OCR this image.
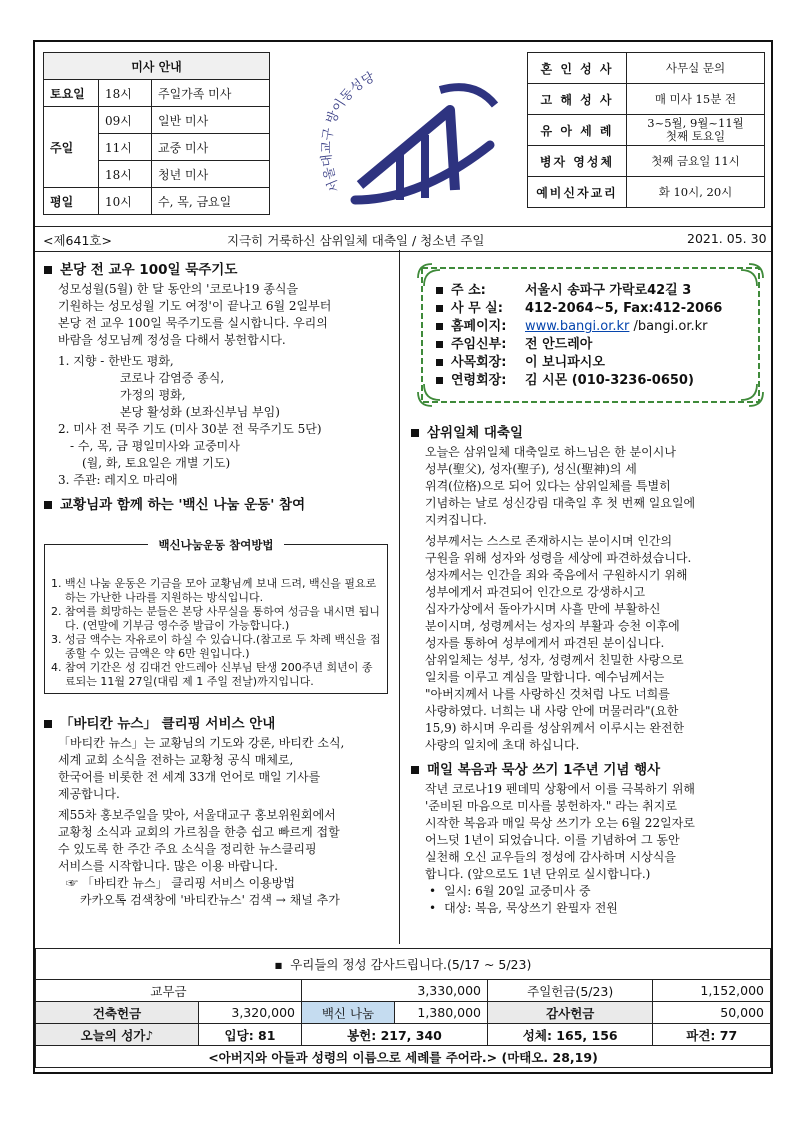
미사 안내		
토요일	18시	주일가족 미사
주일	09시	일반 미사
	11시	교중 미사
	18시	청년 미사
평일	10시	수, 목, 금요일
서울대교구 방이동성당
혼 인 성 사	사무실 문의
고 해 성 사	매 미사 15분 전
유 아 세 례	3~5월, 9월~11월
첫째 토요일

병자 영성체	첫째 금요일 11시
예비신자교리	화 10시, 20시
<제641호>	지극히 거룩하신 삼위일체 대축일 / 청소년 주일	2021. 05. 30

본당 전 교우 100일 묵주기도

성모성월(5월) 한 달 동안의 '코로나19 종식을
기원하는 성모성월 기도 여정'이 끝나고 6월 2일부터
본당 전 교우 100일 묵주기도를 실시합니다. 우리의
바람을 성모님께 정성을 다해서 봉헌합시다.
1. 지향 - 한반도 평화,
코로나 감염증 종식,
가정의 평화,
본당 활성화 (보좌신부님 부임)
2. 미사 전 묵주 기도 (미사 30분 전 묵주기도 5단)
- 수, 목, 금 평일미사와 교중미사
(월, 화, 토요일은 개별 기도)
3. 주관: 레지오 마리애

교황님과 함께 하는 '백신 나눔 운동' 참여

백신나눔운동 참여방법
1. 백신 나눔 운동은 기금을 모아 교황님께 보내 드려, 백신을 필요로 하는 가난한 나라를 지원하는 방식입니다.
2. 참여를 희망하는 분들은 본당 사무실을 통하여 성금을 내시면 됩니다. (연말에 기부금 영수증 발급이 가능합니다.)
3. 성금 액수는 자유로이 하실 수 있습니다.(참고로 두 차례 백신을 접종할 수 있는 금액은 약 6만 원입니다.)
4. 참여 기간은 성 김대건 안드레아 신부님 탄생 200주년 희년이 종료되는 11월 27일(대림 제 1 주일 전날)까지입니다.

「바티칸 뉴스」 클리핑 서비스 안내

「바티칸 뉴스」는 교황님의 기도와 강론, 바티칸 소식,
세계 교회 소식을 전하는 교황청 공식 매체로,
한국어를 비롯한 전 세계 33개 언어로 매일 기사를
제공합니다.
제55차 홍보주일을 맞아, 서울대교구 홍보위원회에서
교황청 소식과 교회의 가르침을 한층 쉽고 빠르게 접할
수 있도록 한 주간 주요 소식을 정리한 뉴스클리핑
서비스를 시작합니다. 많은 이용 바랍니다.
☞ 「바티칸 뉴스」 클리핑 서비스 이용방법
카카오톡 검색창에 '바티칸뉴스' 검색 → 채널 추가
주 소:	서울시 송파구 가락로42길 3
사 무 실: 412-2064~5, Fax:412-2066
홈페이지: www.bangi.or.kr /bangi.or.kr
주임신부: 전 안드레아
사목회장: 이 보니파시오
연령회장: 김 시몬 (010-3236-0650)

삼위일체 대축일

오늘은 삼위일체 대축일로 하느님은 한 분이시나
성부(聖父), 성자(聖子), 성신(聖神)의 세
위격(位格)으로 되어 있다는 삼위일체를 특별히
기념하는 날로 성신강림 대축일 후 첫 번째 일요일에
지켜집니다.
성부께서는 스스로 존재하시는 분이시며 인간의
구원을 위해 성자와 성령을 세상에 파견하셨습니다.
성자께서는 인간을 죄와 죽음에서 구원하시기 위해
성부에게서 파견되어 인간으로 강생하시고
십자가상에서 돌아가시며 사흘 만에 부활하신
분이시며, 성령께서는 성자의 부활과 승천 이후에
성자를 통하여 성부에게서 파견된 분이십니다.
삼위일체는 성부, 성자, 성령께서 친밀한 사랑으로
일치를 이루고 계심을 말합니다. 예수님께서는
"아버지께서 나를 사랑하신 것처럼 나도 너희를
사랑하였다. 너희는 내 사랑 안에 머물러라"(요한
15,9) 하시며 우리를 성삼위께서 이루시는 완전한
사랑의 일치에 초대 하십니다.

매일 복음과 묵상 쓰기 1주년 기념 행사

작년 코로나19 펜데믹 상황에서 이를 극복하기 위해
'준비된 마음으로 미사를 봉헌하자." 라는 취지로
시작한 복음과 매일 묵상 쓰기가 오는 6월 22일자로
어느덧 1년이 되었습니다. 이를 기념하여 그 동안
실천해 오신 교우들의 정성에 감사하며 시상식을
합니다. (앞으로도 1년 단위로 실시합니다.)
• 일시: 6월 20일 교중미사 중
• 대상: 복음, 묵상쓰기 완필자 전원
■ 우리들의 정성 감사드립니다.(5/17 ~ 5/23)					
교무금		3,330,000		주일헌금(5/23)	1,152,000
건축헌금	3,320,000	백신 나눔	1,380,000	감사헌금	50,000
오늘의 성가♪	입당: 81	봉헌: 217, 340		성체: 165, 156	파견: 77
<아버지와 아들과 성령의 이름으로 세례를 주어라.> (마태오. 28,19)					
